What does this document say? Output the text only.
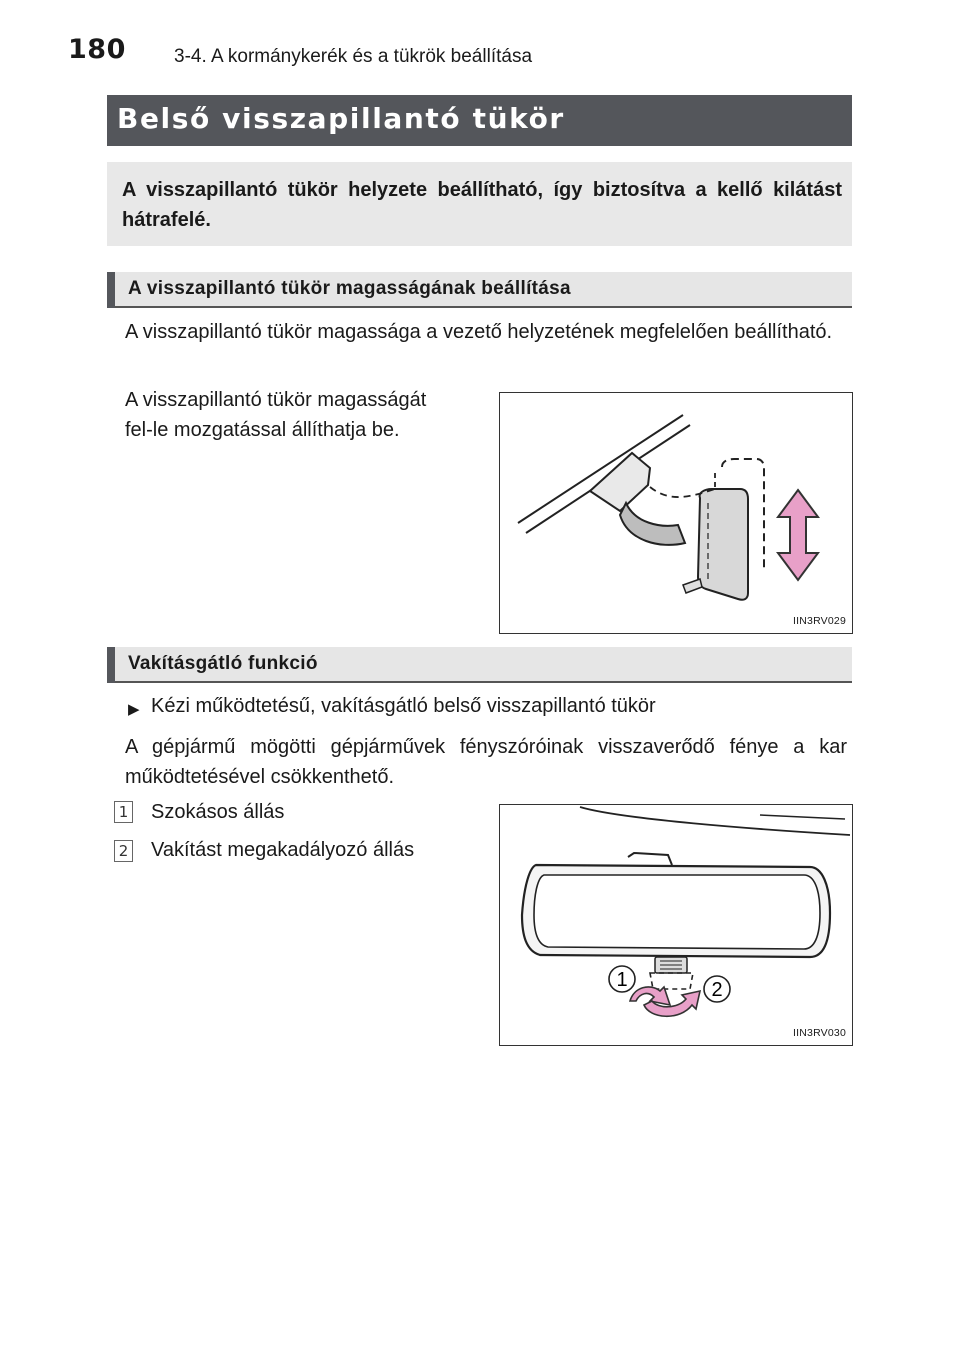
180	3-4. A kormánykerék és a tükrök beállítása
Belső visszapillantó tükör
A visszapillantó tükör helyzete beállítható, így biztosítva a kellő kilátást hátrafelé.
A visszapillantó tükör magasságának beállítása
A visszapillantó tükör magassága a vezető helyzetének megfelelően beállítható.
A visszapillantó tükör magasságát
fel-le mozgatással állíthatja be.
IIN3RV029
Vakításgátló funkció
▶ Kézi működtetésű, vakításgátló belső visszapillantó tükör
A gépjármű mögötti gépjárművek fényszóróinak visszaverődő fénye a kar működtetésével csökkenthető.
1 Szokásos állás
2 Vakítást megakadályozó állás
1	2
IIN3RV030
